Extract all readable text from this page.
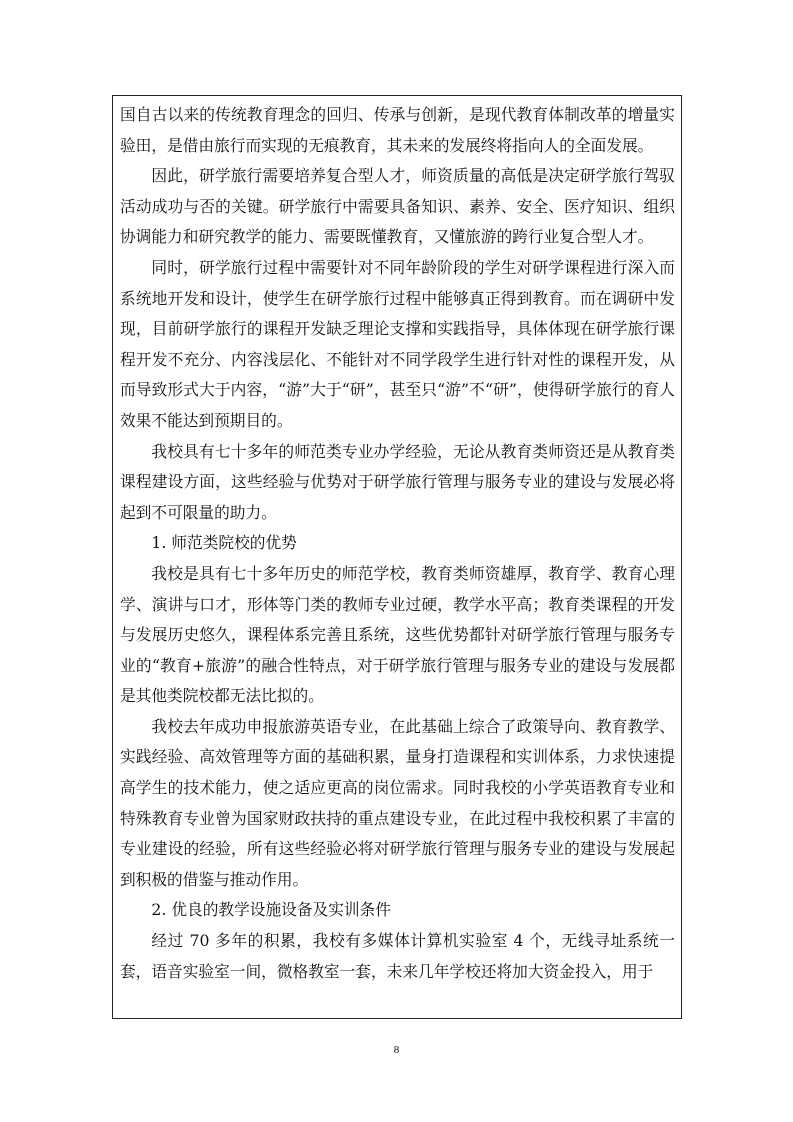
国自古以来的传统教育理念的回归、传承与创新，是现代教育体制改革的增量实验田，是借由旅行而实现的无痕教育，其未来的发展终将指向人的全面发展。

因此，研学旅行需要培养复合型人才，师资质量的高低是决定研学旅行驾驭活动成功与否的关键。研学旅行中需要具备知识、素养、安全、医疗知识、组织协调能力和研究教学的能力、需要既懂教育，又懂旅游的跨行业复合型人才。

同时，研学旅行过程中需要针对不同年龄阶段的学生对研学课程进行深入而系统地开发和设计，使学生在研学旅行过程中能够真正得到教育。而在调研中发现，目前研学旅行的课程开发缺乏理论支撑和实践指导，具体体现在研学旅行课程开发不充分、内容浅层化、不能针对不同学段学生进行针对性的课程开发，从而导致形式大于内容，“游”大于“研”，甚至只“游”不“研”，使得研学旅行的育人效果不能达到预期目的。

我校具有七十多年的师范类专业办学经验，无论从教育类师资还是从教育类课程建设方面，这些经验与优势对于研学旅行管理与服务专业的建设与发展必将起到不可限量的助力。

1. 师范类院校的优势

我校是具有七十多年历史的师范学校，教育类师资雄厚，教育学、教育心理学、演讲与口才，形体等门类的教师专业过硬，教学水平高；教育类课程的开发与发展历史悠久，课程体系完善且系统，这些优势都针对研学旅行管理与服务专业的“教育+旅游”的融合性特点，对于研学旅行管理与服务专业的建设与发展都是其他类院校都无法比拟的。

我校去年成功申报旅游英语专业，在此基础上综合了政策导向、教育教学、实践经验、高效管理等方面的基础积累，量身打造课程和实训体系，力求快速提高学生的技术能力，使之适应更高的岗位需求。同时我校的小学英语教育专业和特殊教育专业曾为国家财政扶持的重点建设专业，在此过程中我校积累了丰富的专业建设的经验，所有这些经验必将对研学旅行管理与服务专业的建设与发展起到积极的借鉴与推动作用。

2. 优良的教学设施设备及实训条件

经过 70 多年的积累，我校有多媒体计算机实验室 4 个，无线寻址系统一套，语音实验室一间，微格教室一套，未来几年学校还将加大资金投入，用于

8
